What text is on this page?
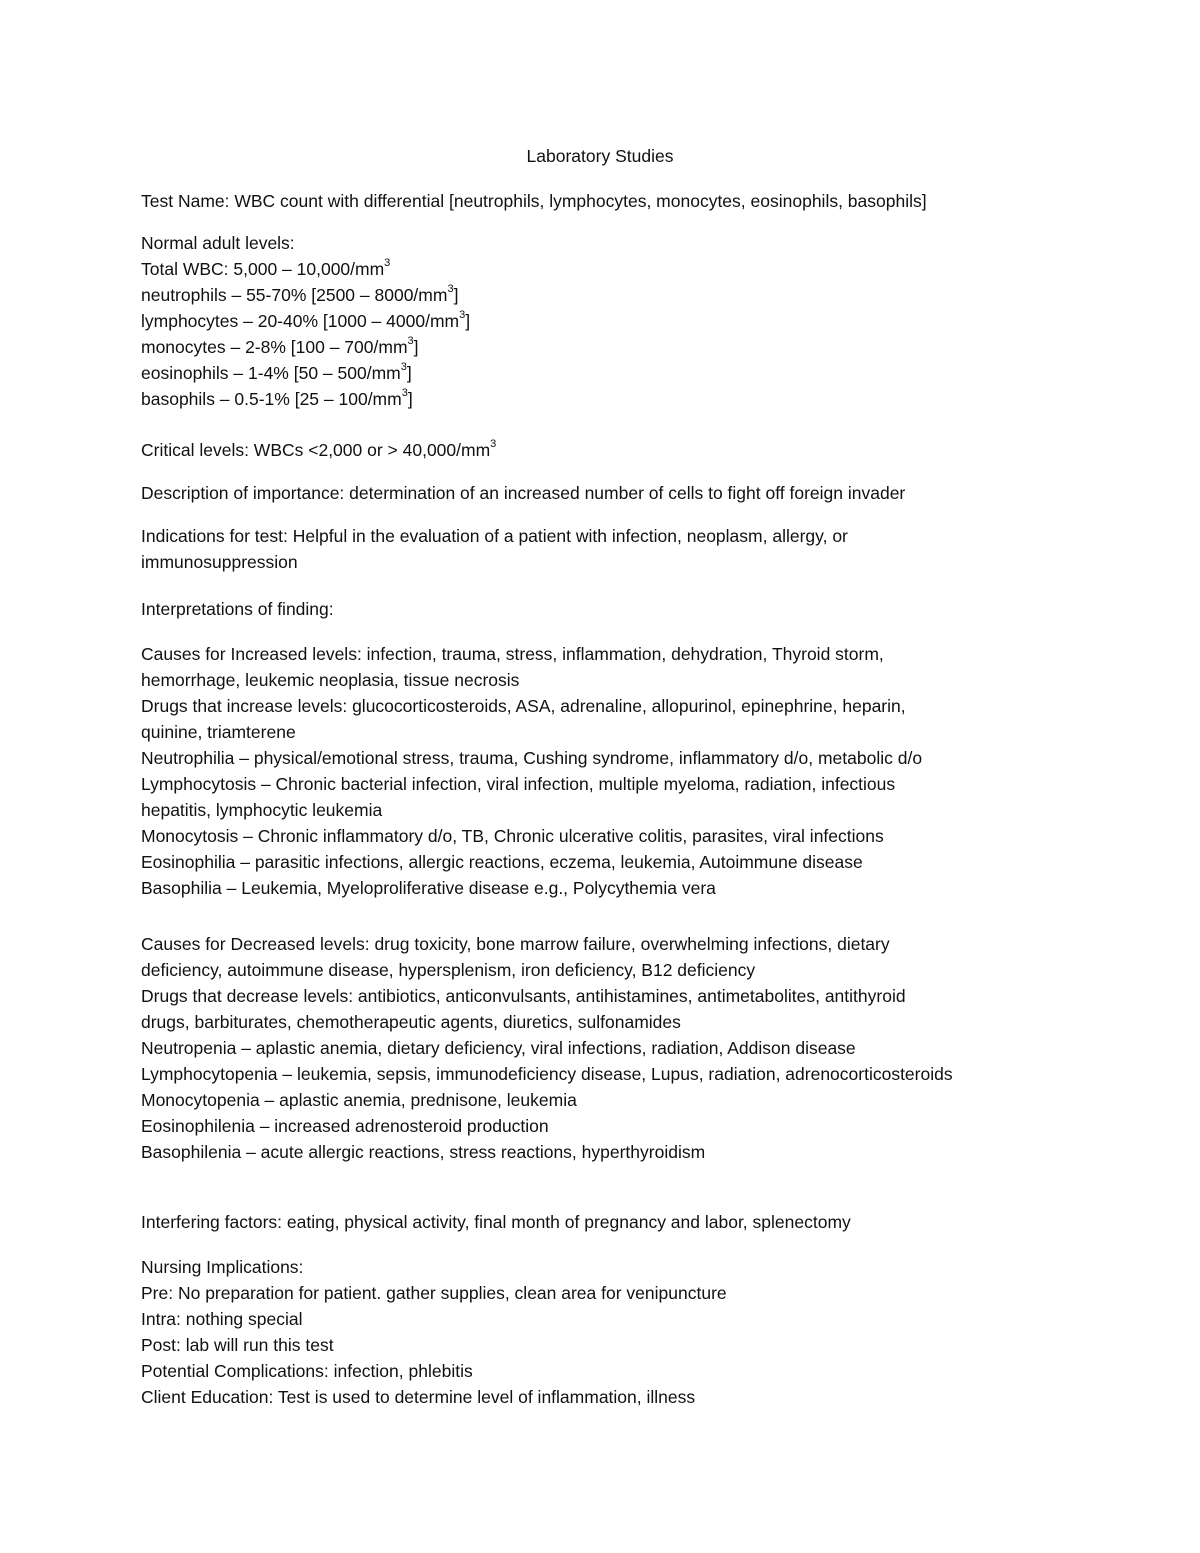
Laboratory Studies

Test Name: WBC count with differential [neutrophils, lymphocytes, monocytes, eosinophils, basophils]

Normal adult levels:

Total WBC: $5,000 - 10,000/mm^3$

neutrophils – 55-70% $[2500 - 8000/mm^3]$

lymphocytes – 20-40% $[1000 - 4000/mm^3]$

monocytes – 2-8% $[100 - 700/mm^3]$

eosinophils – 1-4% $[50 - 500/mm^3]$

basophils – 0.5-1% $[25 - 100/mm^3]$

Critical levels: WBCs <2,000 or > $40,000/mm^3$

Description of importance: determination of an increased number of cells to fight off foreign invader

Indications for test: Helpful in the evaluation of a patient with infection, neoplasm, allergy, or

immunosuppression

Interpretations of finding:

Causes for Increased levels: infection, trauma, stress, inflammation, dehydration, Thyroid storm,

hemorrhage, leukemic neoplasia, tissue necrosis

Drugs that increase levels: glucocorticosteroids, ASA, adrenaline, allopurinol, epinephrine, heparin,

quinine, triamterene

Neutrophilia – physical/emotional stress, trauma, Cushing syndrome, inflammatory d/o, metabolic d/o

Lymphocytosis – Chronic bacterial infection, viral infection, multiple myeloma, radiation, infectious

hepatitis, lymphocytic leukemia

Monocytosis – Chronic inflammatory d/o, TB, Chronic ulcerative colitis, parasites, viral infections

Eosinophilia – parasitic infections, allergic reactions, eczema, leukemia, Autoimmune disease

Basophilia – Leukemia, Myeloproliferative disease e.g., Polycythemia vera

Causes for Decreased levels: drug toxicity, bone marrow failure, overwhelming infections, dietary

deficiency, autoimmune disease, hypersplenism, iron deficiency, B12 deficiency

Drugs that decrease levels: antibiotics, anticonvulsants, antihistamines, antimetabolites, antithyroid

drugs, barbiturates, chemotherapeutic agents, diuretics, sulfonamides

Neutropenia – aplastic anemia, dietary deficiency, viral infections, radiation, Addison disease

Lymphocytopenia – leukemia, sepsis, immunodeficiency disease, Lupus, radiation, adrenocorticosteroids

Monocytopenia – aplastic anemia, prednisone, leukemia

Eosinophilenia – increased adrenosteroid production

Basophilenia – acute allergic reactions, stress reactions, hyperthyroidism

Interfering factors: eating, physical activity, final month of pregnancy and labor, splenectomy

Nursing Implications:

Pre: No preparation for patient. gather supplies, clean area for venipuncture

Intra: nothing special

Post: lab will run this test

Potential Complications: infection, phlebitis

Client Education: Test is used to determine level of inflammation, illness
